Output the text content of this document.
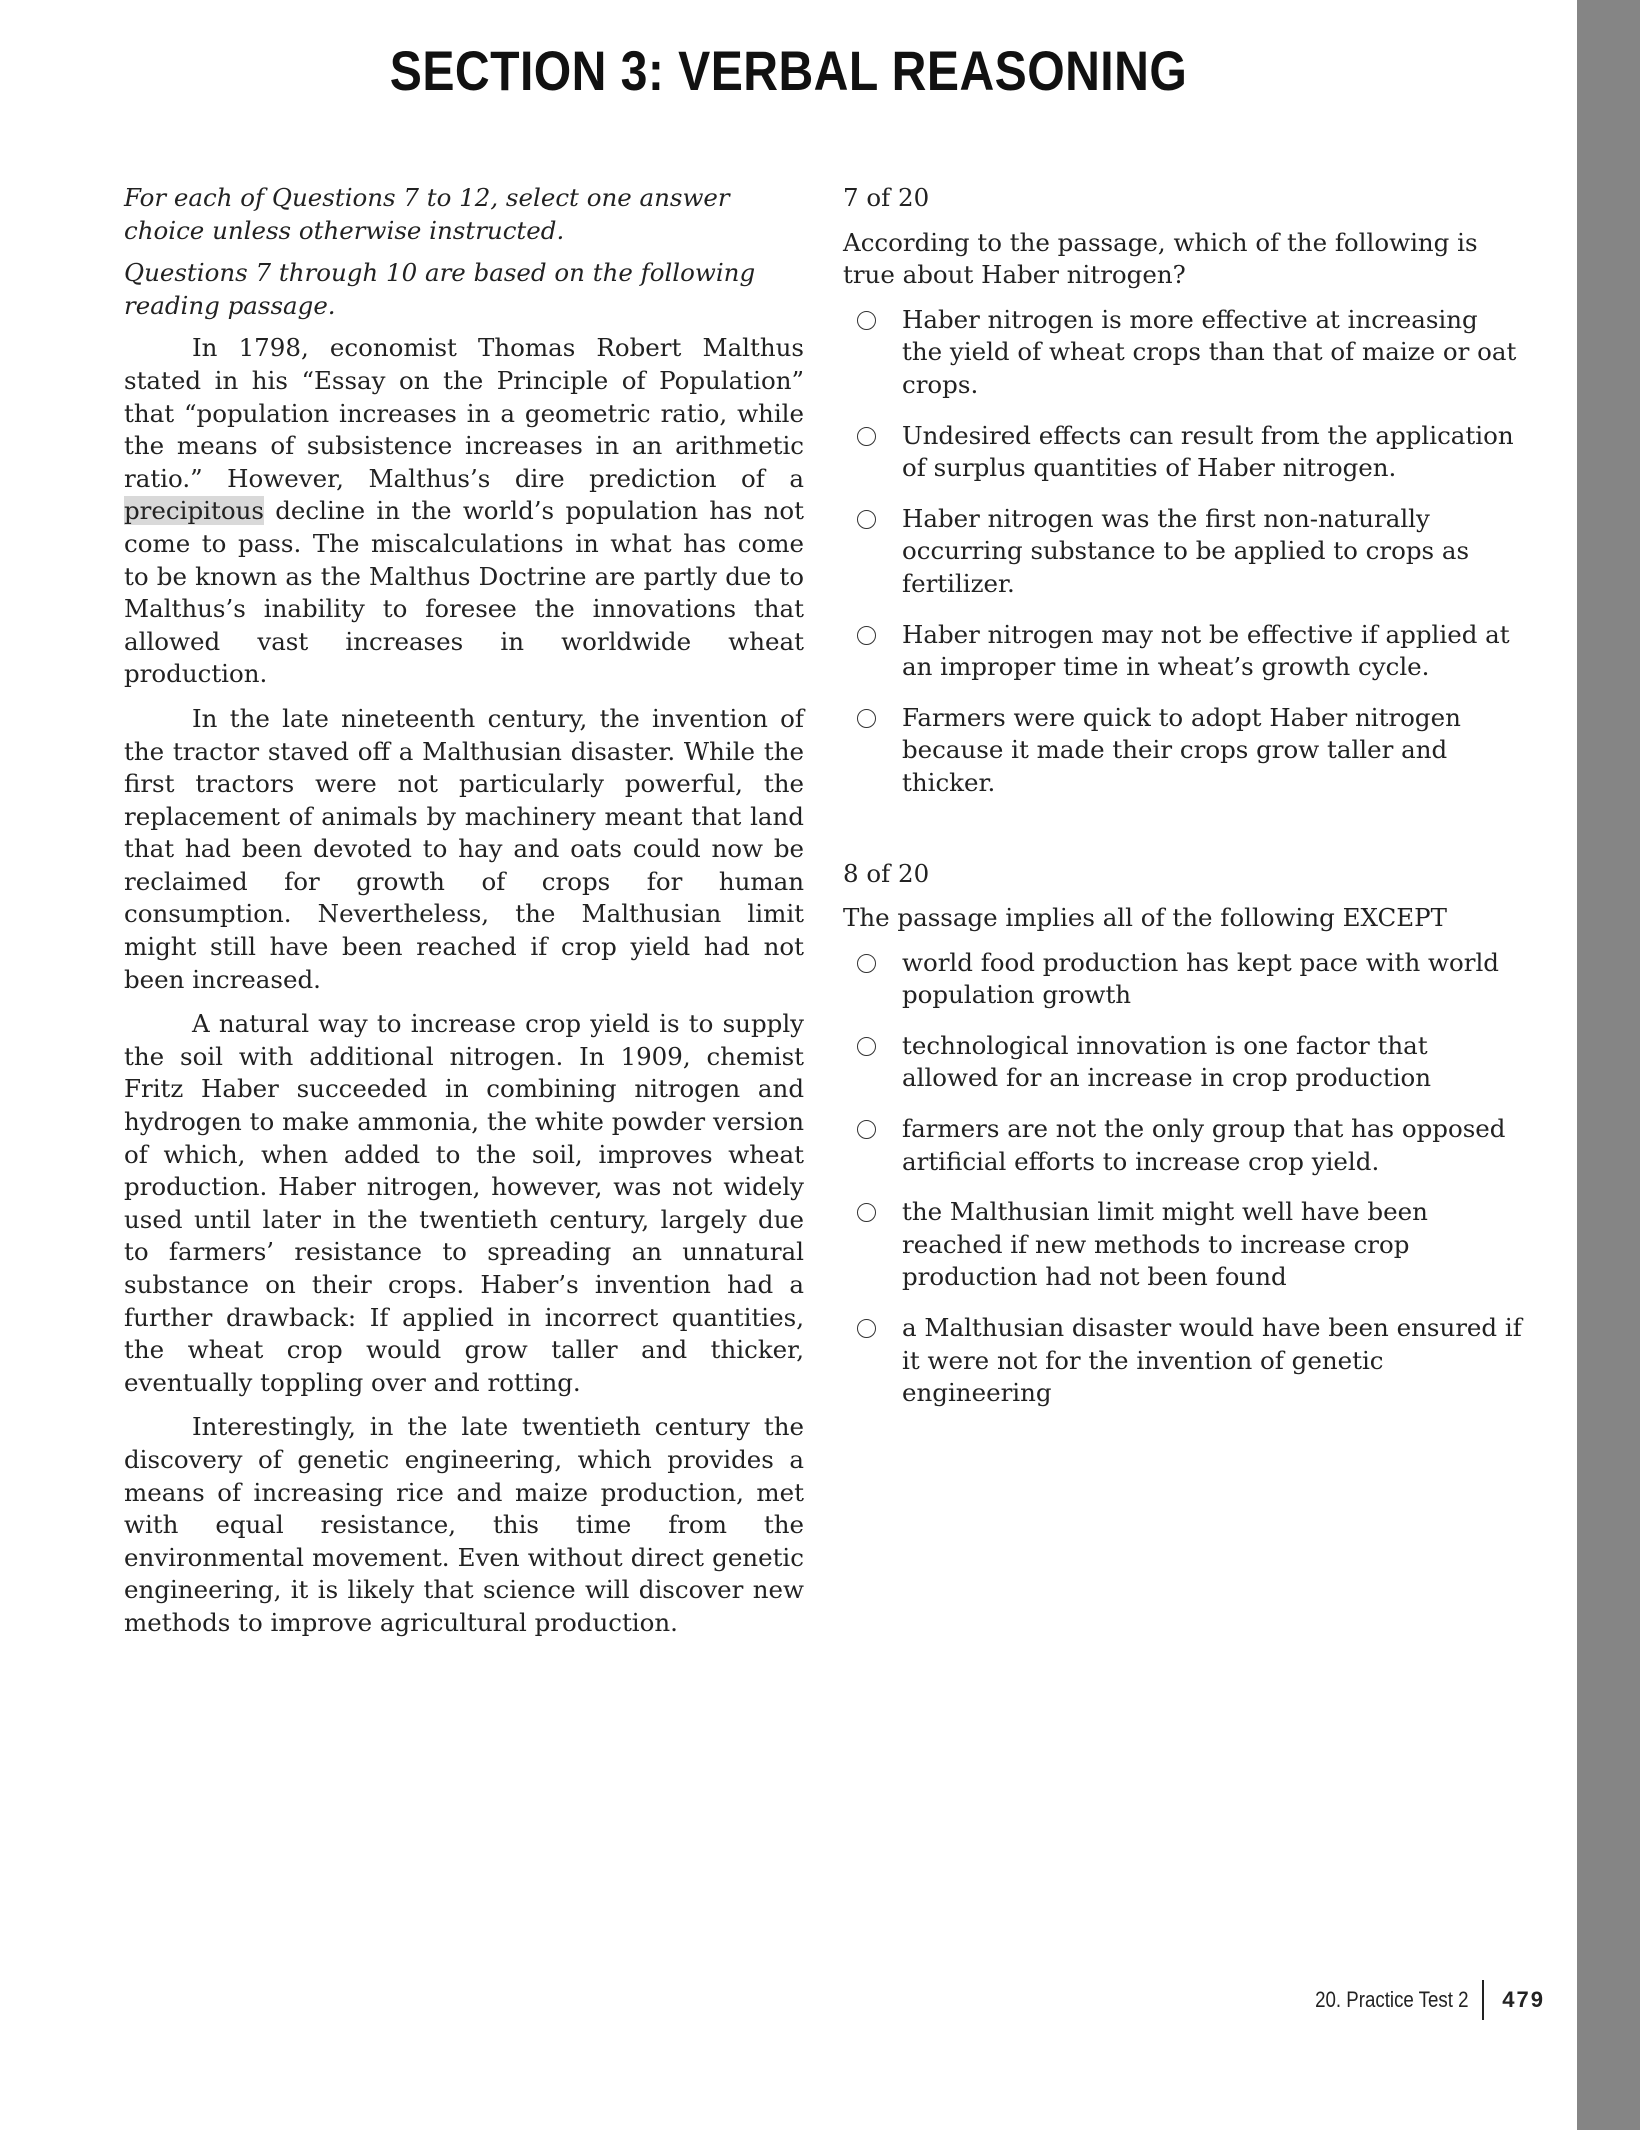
SECTION 3: VERBAL REASONING

For each of Questions 7 to 12, select one answer choice unless otherwise instructed.

Questions 7 through 10 are based on the following reading passage.

In 1798, economist Thomas Robert Malthus stated in his “Essay on the Principle of Population” that “population increases in a geometric ratio, while the means of subsistence increases in an arithmetic ratio.” However, Malthus’s dire prediction of a precipitous decline in the world’s population has not come to pass. The miscalculations in what has come to be known as the Malthus Doctrine are partly due to Malthus’s inability to foresee the innovations that allowed vast increases in worldwide wheat production.

In the late nineteenth century, the invention of the tractor staved off a Malthusian disaster. While the first tractors were not particularly powerful, the replacement of animals by machinery meant that land that had been devoted to hay and oats could now be reclaimed for growth of crops for human consumption. Nevertheless, the Malthusian limit might still have been reached if crop yield had not been increased.

A natural way to increase crop yield is to supply the soil with additional nitrogen. In 1909, chemist Fritz Haber succeeded in combining nitrogen and hydrogen to make ammonia, the white powder version of which, when added to the soil, improves wheat production. Haber nitrogen, however, was not widely used until later in the twentieth century, largely due to farmers’ resistance to spreading an unnatural substance on their crops. Haber’s invention had a further drawback: If applied in incorrect quantities, the wheat crop would grow taller and thicker, eventually toppling over and rotting.

Interestingly, in the late twentieth century the discovery of genetic engineering, which provides a means of increasing rice and maize production, met with equal resistance, this time from the environmental movement. Even without direct genetic engineering, it is likely that science will discover new methods to improve agricultural production.

7 of 20
According to the passage, which of the following is true about Haber nitrogen?
Haber nitrogen is more effective at increasing the yield of wheat crops than that of maize or oat crops.
Undesired effects can result from the application of surplus quantities of Haber nitrogen.
Haber nitrogen was the first non-naturally occurring substance to be applied to crops as fertilizer.
Haber nitrogen may not be effective if applied at an improper time in wheat’s growth cycle.
Farmers were quick to adopt Haber nitrogen because it made their crops grow taller and thicker.
8 of 20
The passage implies all of the following EXCEPT
world food production has kept pace with world population growth
technological innovation is one factor that allowed for an increase in crop production
farmers are not the only group that has opposed artificial efforts to increase crop yield.
the Malthusian limit might well have been reached if new methods to increase crop production had not been found
a Malthusian disaster would have been ensured if it were not for the invention of genetic engineering
20. Practice Test 2 479
